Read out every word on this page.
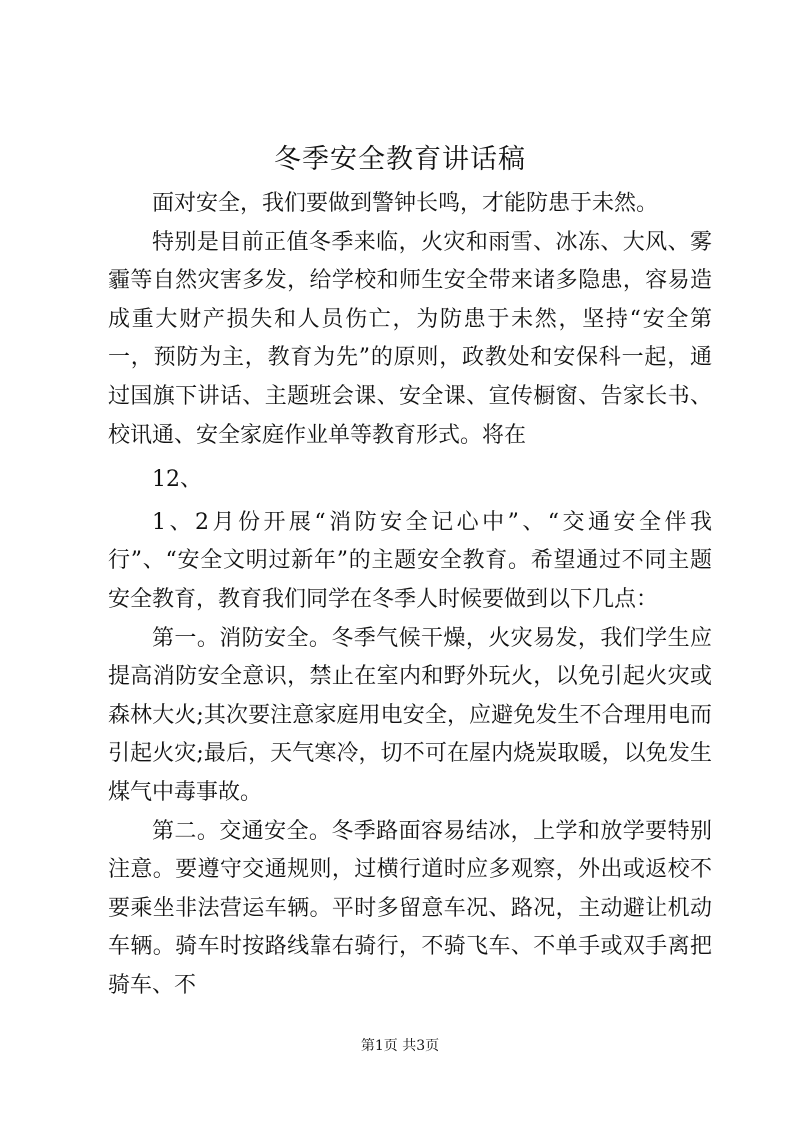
冬季安全教育讲话稿

面对安全，我们要做到警钟长鸣，才能防患于未然。

特别是目前正值冬季来临，火灾和雨雪、冰冻、大风、雾霾等自然灾害多发，给学校和师生安全带来诸多隐患，容易造成重大财产损失和人员伤亡，为防患于未然，坚持“安全第一，预防为主，教育为先”的原则，政教处和安保科一起，通过国旗下讲话、主题班会课、安全课、宣传橱窗、告家长书、校讯通、安全家庭作业单等教育形式。将在

12、

1、2月份开展“消防安全记心中”、“交通安全伴我行”、“安全文明过新年”的主题安全教育。希望通过不同主题安全教育，教育我们同学在冬季人时候要做到以下几点：

第一。消防安全。冬季气候干燥，火灾易发，我们学生应提高消防安全意识，禁止在室内和野外玩火，以免引起火灾或森林大火;其次要注意家庭用电安全，应避免发生不合理用电而引起火灾;最后，天气寒冷，切不可在屋内烧炭取暖，以免发生煤气中毒事故。

第二。交通安全。冬季路面容易结冰，上学和放学要特别注意。要遵守交通规则，过横行道时应多观察，外出或返校不要乘坐非法营运车辆。平时多留意车况、路况，主动避让机动车辆。骑车时按路线靠右骑行，不骑飞车、不单手或双手离把骑车、不

第1页 共3页
